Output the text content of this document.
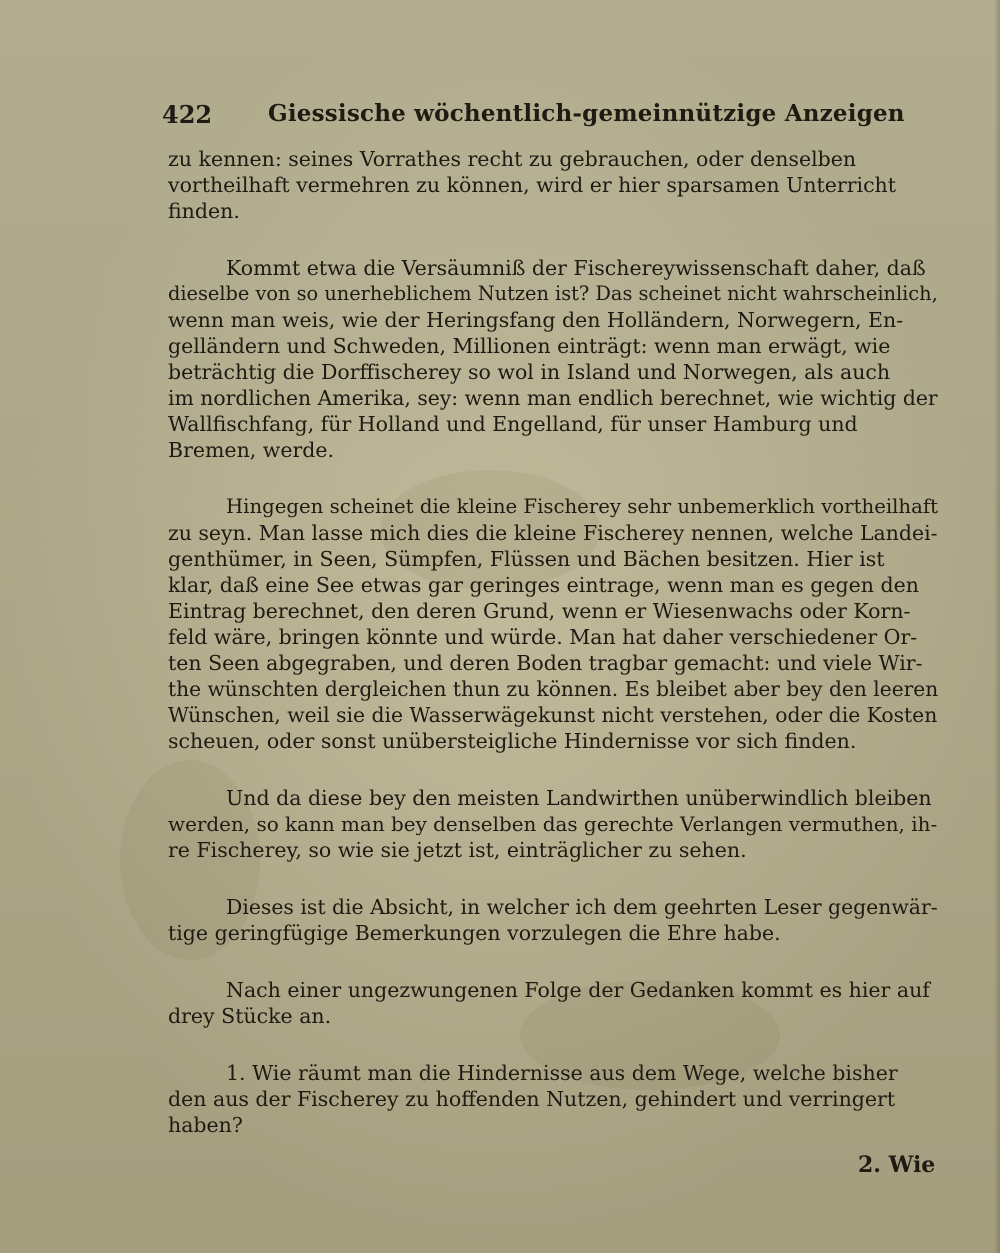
422 Giessische wöchentlich-gemeinnützige Anzeigen
zu kennen: seines Vorrathes recht zu gebrauchen, oder denselben
vortheilhaft vermehren zu können, wird er hier sparsamen Unterricht
finden.
Kommt etwa die Versäumniß der Fischereywissenschaft daher, daß
dieselbe von so unerheblichem Nutzen ist? Das scheinet nicht wahrscheinlich,
wenn man weis, wie der Heringsfang den Holländern, Norwegern, En-
gelländern und Schweden, Millionen einträgt: wenn man erwägt, wie
beträchtig die Dorffischerey so wol in Island und Norwegen, als auch
im nordlichen Amerika, sey: wenn man endlich berechnet, wie wichtig der
Wallfischfang, für Holland und Engelland, für unser Hamburg und
Bremen, werde.
Hingegen scheinet die kleine Fischerey sehr unbemerklich vortheilhaft
zu seyn. Man lasse mich dies die kleine Fischerey nennen, welche Landei-
genthümer, in Seen, Sümpfen, Flüssen und Bächen besitzen. Hier ist
klar, daß eine See etwas gar geringes eintrage, wenn man es gegen den
Eintrag berechnet, den deren Grund, wenn er Wiesenwachs oder Korn-
feld wäre, bringen könnte und würde. Man hat daher verschiedener Or-
ten Seen abgegraben, und deren Boden tragbar gemacht: und viele Wir-
the wünschten dergleichen thun zu können. Es bleibet aber bey den leeren
Wünschen, weil sie die Wasserwägekunst nicht verstehen, oder die Kosten
scheuen, oder sonst unübersteigliche Hindernisse vor sich finden.
Und da diese bey den meisten Landwirthen unüberwindlich bleiben
werden, so kann man bey denselben das gerechte Verlangen vermuthen, ih-
re Fischerey, so wie sie jetzt ist, einträglicher zu sehen.
Dieses ist die Absicht, in welcher ich dem geehrten Leser gegenwär-
tige geringfügige Bemerkungen vorzulegen die Ehre habe.
Nach einer ungezwungenen Folge der Gedanken kommt es hier auf
drey Stücke an.
1. Wie räumt man die Hindernisse aus dem Wege, welche bisher
den aus der Fischerey zu hoffenden Nutzen, gehindert und verringert
haben?
2. Wie
